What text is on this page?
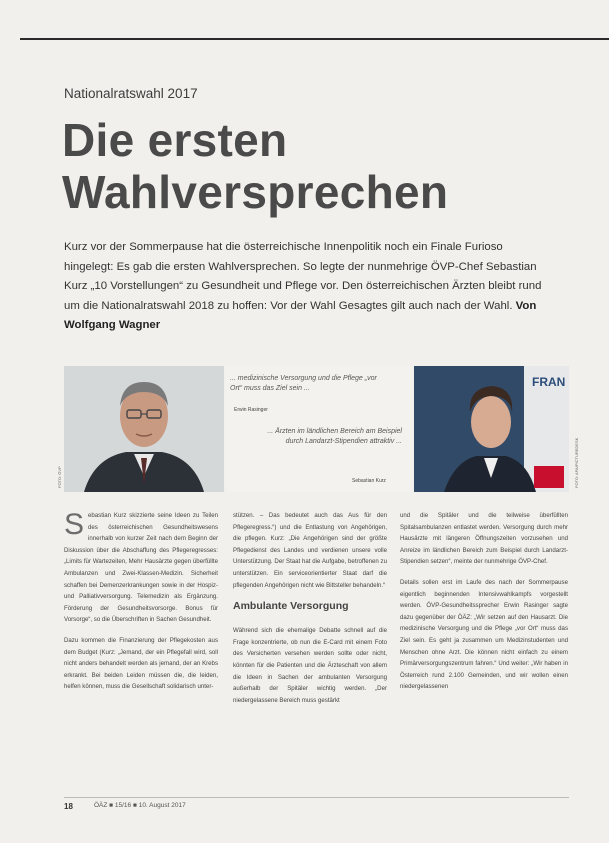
Nationalratswahl 2017
Die ersten
Wahlversprechen
Kurz vor der Sommerpause hat die österreichische Innenpolitik noch ein Finale Furioso hingelegt: Es gab die ersten Wahlversprechen. So legte der nunmehrige ÖVP-Chef Sebastian Kurz „10 Vorstellungen“ zu Gesundheit und Pflege vor. Den österreichischen Ärzten bleibt rund um die Nationalratswahl 2018 zu hoffen: Vor der Wahl Gesagtes gilt auch nach der Wahl. Von Wolfgang Wagner
FOTO: ÖVP
... medizinische Versorgung und die Pflege „vor Ort“ muss das Ziel sein ...
Erwin Rasinger
... Ärzten im ländlichen Bereich am Beispiel durch Landarzt-Stipendien attraktiv ...
Sebastian Kurz
FRAN
FOTO: APA/PICTUREDESK

Sebastian Kurz skizzierte seine Ideen zu Teilen des österreichischen Gesundheitswesens innerhalb von kurzer Zeit nach dem Beginn der Diskussion über die Abschaffung des Pflegeregresses: „Limits für Wartezeiten, Mehr Hausärzte gegen überfüllte Ambulanzen und Zwei-Klassen-Medizin. Sicherheit schaffen bei Demenzerkrankungen sowie in der Hospiz- und Palliativversorgung. Telemedizin als Ergänzung. Förderung der Gesundheitsvorsorge. Bonus für Vorsorge“, so die Überschriften in Sachen Gesundheit.

Dazu kommen die Finanzierung der Pflegekosten aus dem Budget (Kurz: „Jemand, der ein Pflegefall wird, soll nicht anders behandelt werden als jemand, der an Krebs erkrankt. Bei beiden Leiden müssen die, die leiden, helfen können, muss die Gesellschaft solidarisch unter-

stützen. – Das bedeutet auch das Aus für den Pflegeregress.“) und die Entlastung von Angehörigen, die pflegen. Kurz: „Die Angehörigen sind der größte Pflegedienst des Landes und verdienen unsere volle Unterstützung. Der Staat hat die Aufgabe, betroffenen zu unterstützen. Ein serviceorientierter Staat darf die pflegenden Angehörigen nicht wie Bittsteller behandeln.“

Ambulante Versorgung

Während sich die ehemalige Debatte schnell auf die Frage konzentrierte, ob nun die E-Card mit einem Foto des Versicherten versehen werden sollte oder nicht, könnten für die Patienten und die Ärzteschaft von allem die Ideen in Sachen der ambulanten Versorgung außerhalb der Spitäler wichtig werden. „Der niedergelassene Bereich muss gestärkt

und die Spitäler und die teilweise überfüllten Spitalsambulanzen entlastet werden. Versorgung durch mehr Hausärzte mit längeren Öffnungszeiten vorzusehen und Anreize im ländlichen Bereich zum Beispiel durch Landarzt-Stipendien setzen“, meinte der nunmehrige ÖVP-Chef.

Details sollen erst im Laufe des nach der Sommerpause eigentlich beginnenden Intensivwahlkampfs vorgestellt werden. ÖVP-Gesundheitssprecher Erwin Rasinger sagte dazu gegenüber der ÖÄZ: „Wir setzen auf den Hausarzt. Die medizinische Versorgung und die Pflege „vor Ort“ muss das Ziel sein. Es geht ja zusammen um Medizinstudenten und Menschen ohne Arzt. Die können nicht einfach zu einem Primärversorgungszentrum fahren.“ Und weiter: „Wir haben in Österreich rund 2.100 Gemeinden, und wir wollen einen niedergelassenen

18	ÖÄZ ■ 15/16 ■ 10. August 2017
